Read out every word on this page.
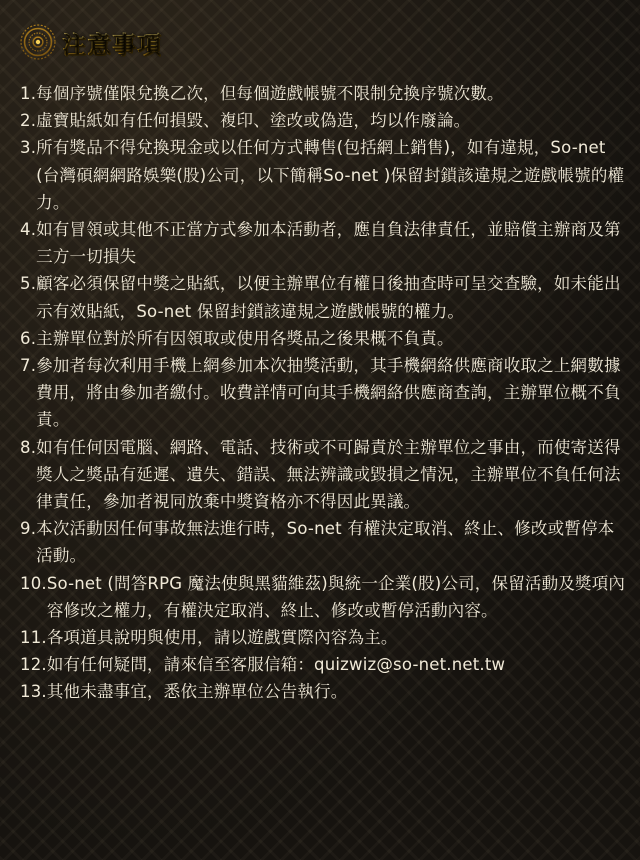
注意事項
1. 每個序號僅限兌換乙次，但每個遊戲帳號不限制兌換序號次數。
2. 虛寶貼紙如有任何損毀、複印、塗改或偽造，均以作廢論。
3. 所有獎品不得兌換現金或以任何方式轉售(包括網上銷售)，如有違規，So-net (台灣碩網網路娛樂(股)公司，以下簡稱So-net )保留封鎖該違規之遊戲帳號的權力。
4. 如有冒領或其他不正當方式參加本活動者，應自負法律責任，並賠償主辦商及第三方一切損失
5. 顧客必須保留中獎之貼紙，以便主辦單位有權日後抽查時可呈交查驗，如未能出示有效貼紙，So-net 保留封鎖該違規之遊戲帳號的權力。
6. 主辦單位對於所有因領取或使用各獎品之後果概不負責。
7. 參加者每次利用手機上網參加本次抽獎活動，其手機網絡供應商收取之上網數據費用，將由參加者繳付。收費詳情可向其手機網絡供應商查詢，主辦單位概不負責。
8. 如有任何因電腦、網路、電話、技術或不可歸責於主辦單位之事由，而使寄送得獎人之獎品有延遲、遺失、錯誤、無法辨識或毀損之情況，主辦單位不負任何法律責任，參加者視同放棄中獎資格亦不得因此異議。
9. 本次活動因任何事故無法進行時，So-net 有權決定取消、終止、修改或暫停本活動。
10. So-net (問答RPG 魔法使與黑貓維茲)與統一企業(股)公司，保留活動及獎項內容修改之權力，有權決定取消、終止、修改或暫停活動內容。
11. 各項道具說明與使用，請以遊戲實際內容為主。
12. 如有任何疑問，請來信至客服信箱：quizwiz@so-net.net.tw
13. 其他未盡事宜，悉依主辦單位公告執行。
